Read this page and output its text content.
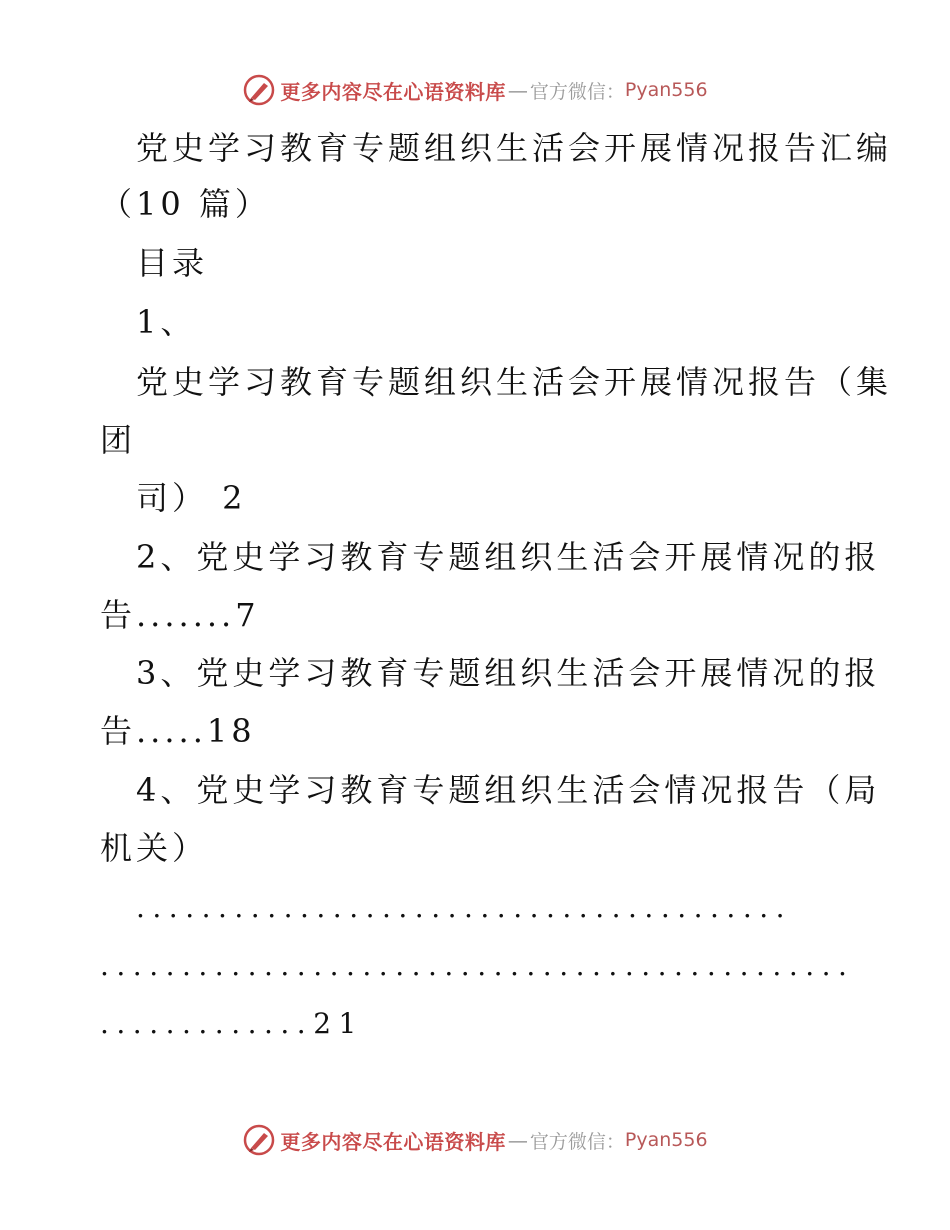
更多内容尽在心语资料库 — 官方微信： Pyan556
党史学习教育专题组织生活会开展情况报告汇编
（10 篇）
目录
1、
党史学习教育专题组织生活会开展情况报告（集
团
司） 2
2、党史学习教育专题组织生活会开展情况的报
告.......7
3、党史学习教育专题组织生活会开展情况的报
告.....18
4、党史学习教育专题组织生活会情况报告（局
机关）
........................................
..............................................
.............21
更多内容尽在心语资料库 — 官方微信： Pyan556
